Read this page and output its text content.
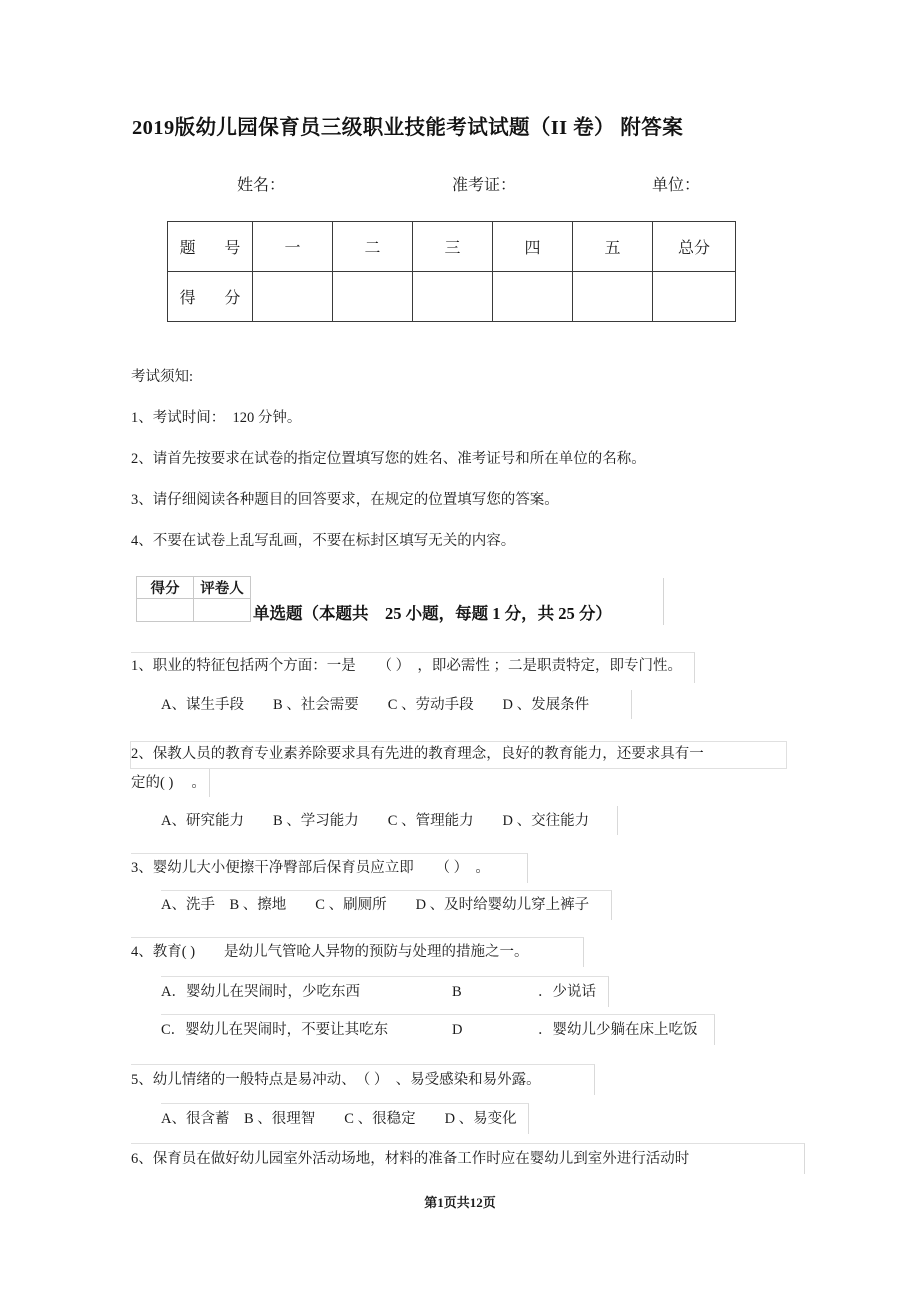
2019版幼儿园保育员三级职业技能考试试题（II 卷） 附答案
姓名：	准考证：	单位：
题　号	一	二	三	四	五	总分
得　分						
考试须知:
1、考试时间：　120 分钟。
2、请首先按要求在试卷的指定位置填写您的姓名、准考证号和所在单位的名称。
3、请仔细阅读各种题目的回答要求，在规定的位置填写您的答案。
4、不要在试卷上乱写乱画，不要在标封区填写无关的内容。
得分	评卷人

单选题（本题共　25 小题，每题 1 分，共 25 分）
1、职业的特征包括两个方面：一是　　（ ）　，即必需性 ；二是职责特定，即专门性。
A、谋生手段　　B 、社会需要　　C 、劳动手段　　D 、发展条件
2、保教人员的教育专业素养除要求具有先进的教育理念，良好的教育能力，还要求具有一
定的( ) 　。
A、研究能力　　B 、学习能力　　C 、管理能力　　D 、交往能力
3、婴幼儿大小便擦干净臀部后保育员应立即　　（ ）　。
A、洗手　B 、擦地　　C 、刷厕所　　D 、及时给婴幼儿穿上裤子
4、教育( )　　是幼儿气管呛人异物的预防与处理的措施之一。
A．婴幼儿在哭闹时，少吃东西	B	．少说话
C．婴幼儿在哭闹时，不要让其吃东	D	．婴幼儿少躺在床上吃饭
5、幼儿情绪的一般特点是易冲动、　（ ）　、易受感染和易外露。
A、很含蓄　B 、很理智　　C 、很稳定　　D 、易变化
6、保育员在做好幼儿园室外活动场地，材料的准备工作时应在婴幼儿到室外进行活动时
第1页共12页
